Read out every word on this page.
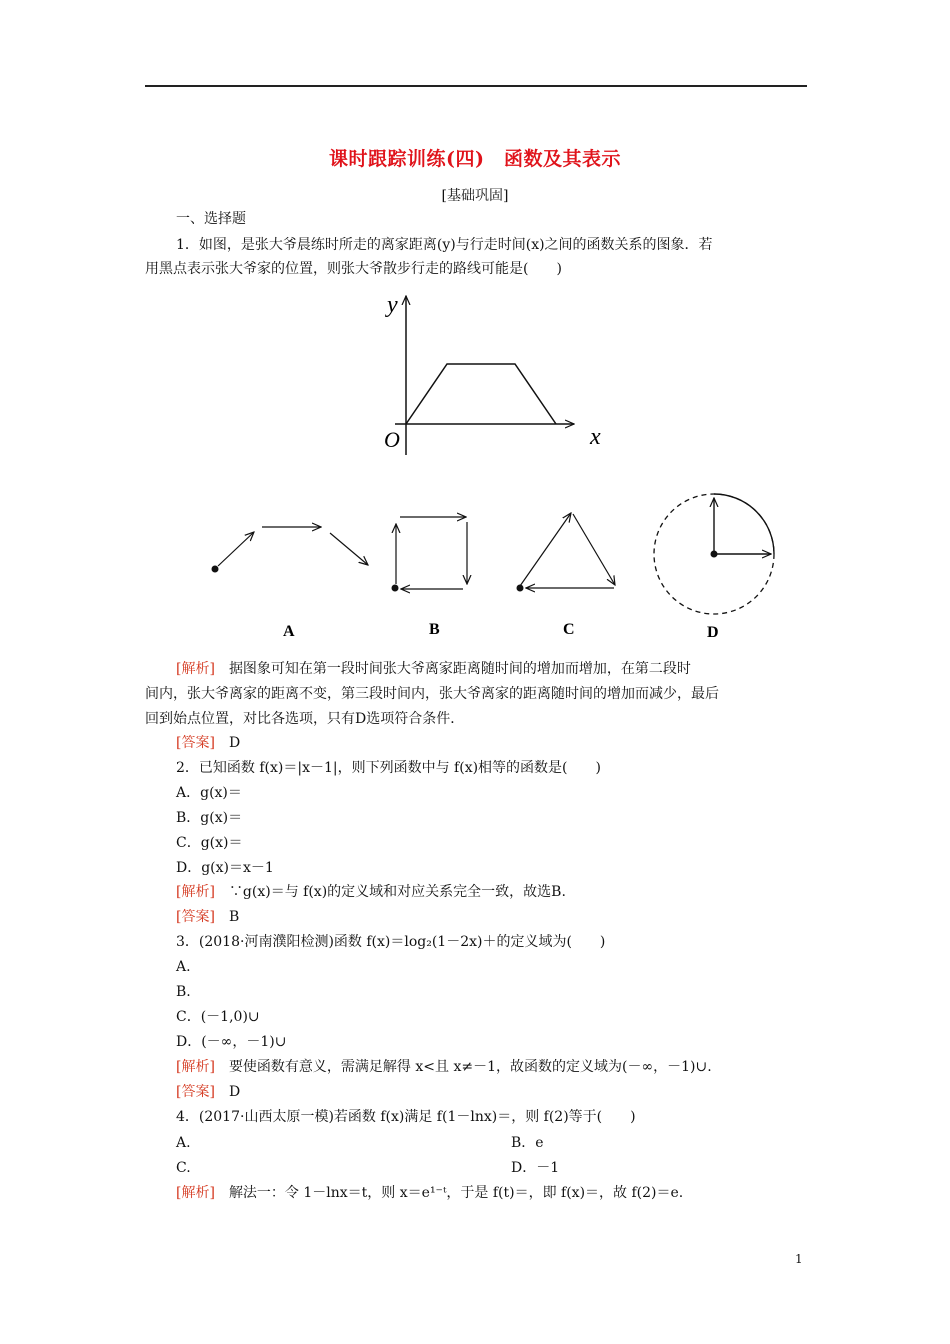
课时跟踪训练(四)　函数及其表示
[基础巩固]
一、选择题
1．如图，是张大爷晨练时所走的离家距离(y)与行走时间(x)之间的函数关系的图象．若
用黑点表示张大爷家的位置，则张大爷散步行走的路线可能是(　　)
y
x
O
A	B	C	D
[解析]　 据图象可知在第一段时间张大爷离家距离随时间的增加而增加，在第二段时
间内，张大爷离家的距离不变，第三段时间内，张大爷离家的距离随时间的增加而减少，最后
回到始点位置，对比各选项，只有D选项符合条件．
[答案]　 D
2．已知函数 f(x)＝|x－1|，则下列函数中与 f(x)相等的函数是(　　)
A．g(x)＝
B．g(x)＝
C．g(x)＝
D．g(x)＝x－1
[解析]　 ∵g(x)＝与 f(x)的定义域和对应关系完全一致，故选B.
[答案]　 B
3．(2018·河南濮阳检测)函数 f(x)＝log₂(1－2x)＋的定义域为(　　)
A.
B.
C．(－1,0)∪
D．(－∞，－1)∪
[解析]　 要使函数有意义，需满足解得 x<且 x≠－1，故函数的定义域为(－∞，－1)∪.
[答案]　 D
4．(2017·山西太原一模)若函数 f(x)满足 f(1－lnx)＝，则 f(2)等于(　　)
A.	B．e
C.	D．－1
[解析]　 解法一：令 1－lnx＝t，则 x＝e¹⁻ᵗ，于是 f(t)＝，即 f(x)＝，故 f(2)＝e.
1
